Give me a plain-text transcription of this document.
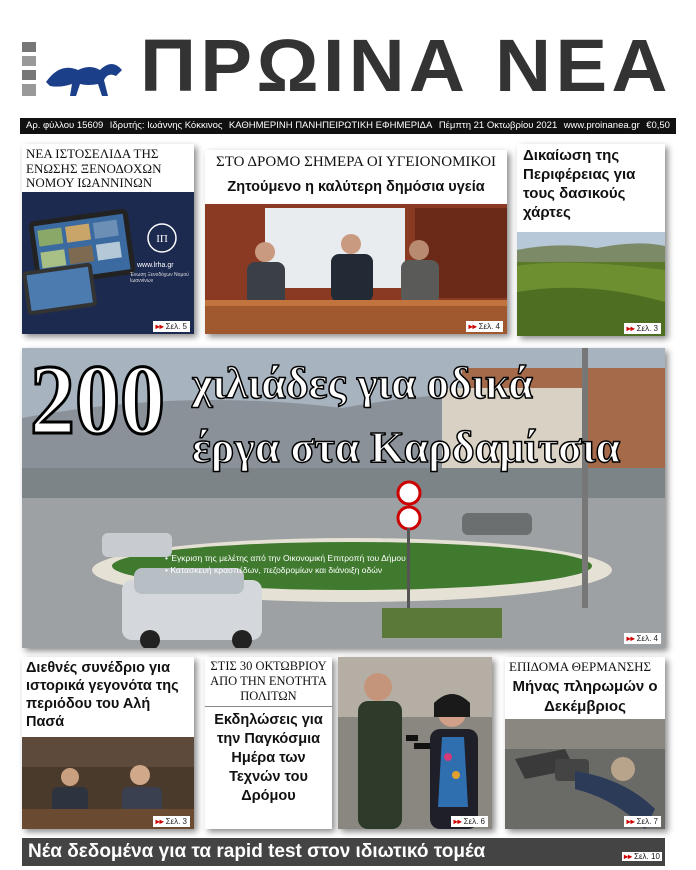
ΠΡΩΙΝΑ ΝΕΑ
Αρ. φύλλου 15609 Ιδρυτής: Ιωάννης Κόκκινος ΚΑΘΗΜΕΡΙΝΗ ΠΑΝΗΠΕΙΡΩΤΙΚΗ ΕΦΗΜΕΡΙΔΑ Πέμπτη 21 Οκτωβρίου 2021 www.proinanea.gr €0,50
ΝΕΑ ΙΣΤΟΣΕΛΙΔΑ ΤΗΣ ΕΝΩΣΗΣ ΞΕΝΟΔΟΧΩΝ ΝΟΜΟΥ ΙΩΑΝΝΙΝΩΝ
ΙΠ
www.lrha.gr
Ένωση Ξενοδόχων Νομού Ιωαννίνων
▸▸ Σελ. 5
ΣΤΟ ΔΡΟΜΟ ΣΗΜΕΡΑ ΟΙ ΥΓΕΙΟΝΟΜΙΚΟΙ
Ζητούμενο η καλύτερη δημόσια υγεία
▸▸ Σελ. 4
Δικαίωση της Περιφέρειας για τους δασικούς χάρτες
▸▸ Σελ. 3
▸▸ Σελ. 4
200 χιλιάδες για οδικά
έργα στα Καρδαμίτσια
• Έγκριση της μελέτης από την Οικονομική Επιτροπή του Δήμου
• Κατασκευή κρασπέδων, πεζοδρομίων και διάνοιξη οδών
Διεθνές συνέδριο για ιστορικά γεγονότα της περιόδου του Αλή Πασά
▸▸ Σελ. 3
ΣΤΙΣ 30 ΟΚΤΩΒΡΙΟΥ ΑΠΟ ΤΗΝ ΕΝΟΤΗΤΑ ΠΟΛΙΤΩΝ
Εκδηλώσεις για την Παγκόσμια Ημέρα των Τεχνών του Δρόμου
▸▸ Σελ. 6
ΕΠΙΔΟΜΑ ΘΕΡΜΑΝΣΗΣ
Μήνας πληρωμών ο Δεκέμβριος
▸▸ Σελ. 7
Νέα δεδομένα για τα rapid test στον ιδιωτικό τομέα	▸▸ Σελ. 10
